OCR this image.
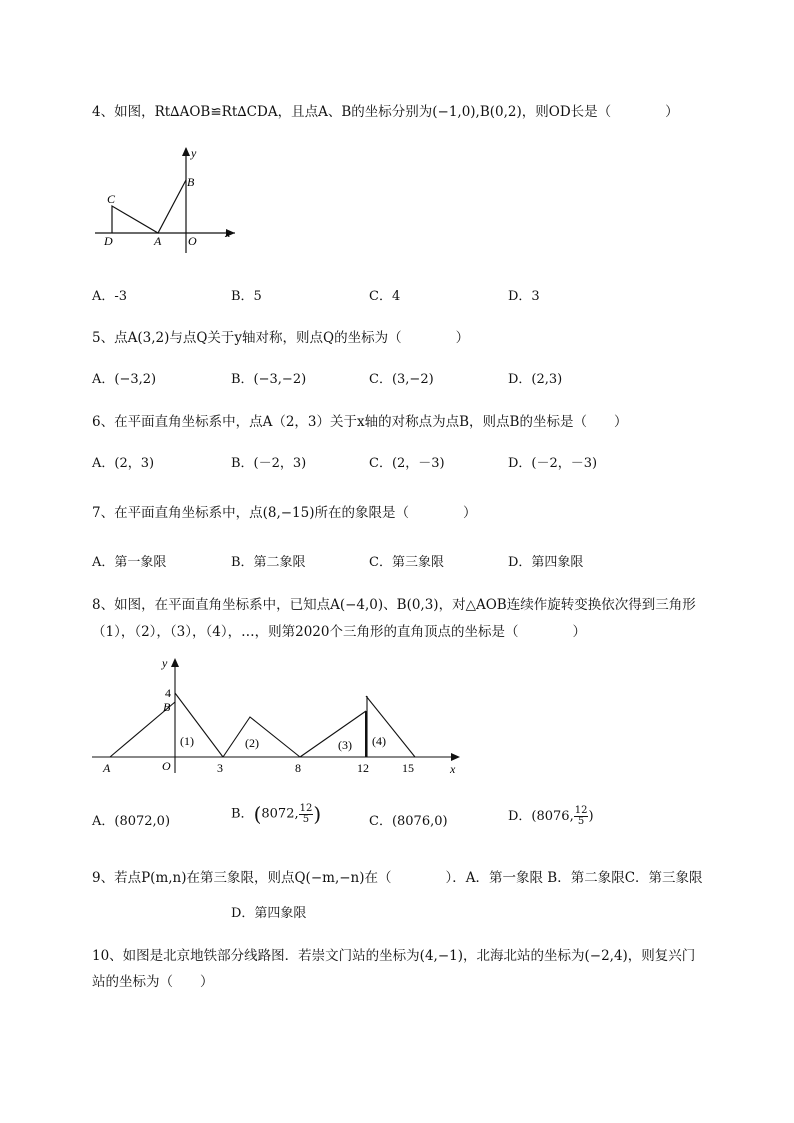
4、如图，Rt∆AOB≌Rt∆CDA，且点A、B的坐标分别为(−1,0),B(0,2)，则OD长是（　　　　）
y
x
B
C
D	A O
A．-3	B．5	C．4	D．3
5、点A(3,2)与点Q关于y轴对称，则点Q的坐标为（　　　　）
A．(−3,2)	B．(−3,−2)	C．(3,−2)	D．(2,3)
6、在平面直角坐标系中，点A（2，3）关于x轴的对称点为点B，则点B的坐标是（　　）
A．(2，3)	B．(－2，3)	C．(2，－3)	D．(－2，－3)
7、在平面直角坐标系中，点(8,−15)所在的象限是（　　　　）
A．第一象限	B．第二象限	C．第三象限	D．第四象限
8、如图，在平面直角坐标系中，已知点A(−4,0)、B(0,3)，对△AOB连续作旋转变换依次得到三角形
（1），（2），（3），（4），…，则第2020个三角形的直角顶点的坐标是（　　　　）
y
x
4
B
A	O
(1)	(2)	(3) (4)
3	8	12	15
A．(8072,0)	B．(8072, $\frac{12}{5}$ )	C．(8076,0)	D．(8076, $\frac{12}{5}$ )
9、若点P(m,n)在第三象限，则点Q(−m,−n)在（　　　　）．A．第一象限 B．第二象限C．第三象限
D．第四象限
10、如图是北京地铁部分线路图．若崇文门站的坐标为(4,−1)，北海北站的坐标为(−2,4)，则复兴门
站的坐标为（　　）
